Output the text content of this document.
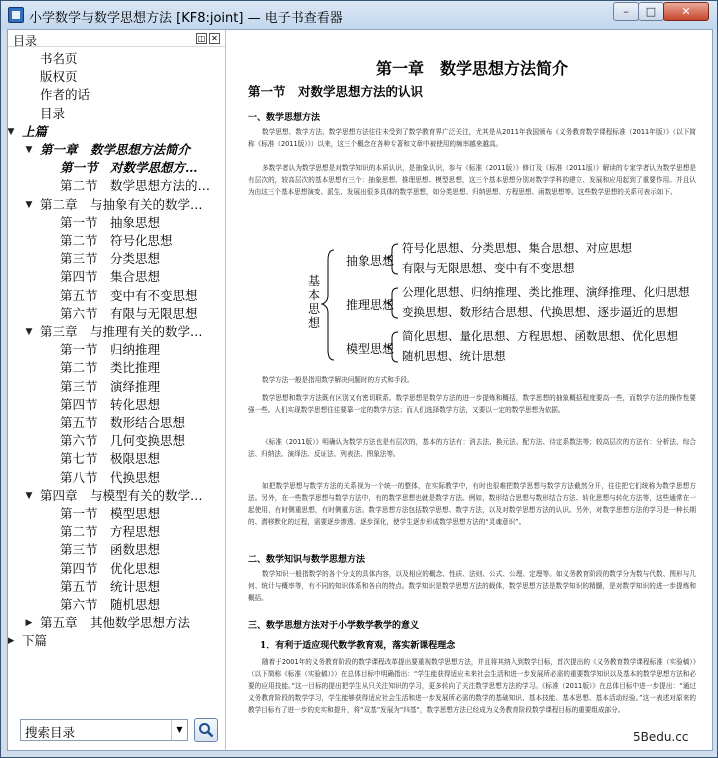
小学数学与数学思想方法 [KF8:joint] — 电子书查看器	–	□	✕
目录	◫ ✕
书名页
版权页
作者的话
目录
▼ 上篇
▼ 第一章　数学思想方法简介
第一节　对数学思想方…
第二节　数学思想方法的…
▼ 第二章　与抽象有关的数学…
第一节　抽象思想
第二节　符号化思想
第三节　分类思想
第四节　集合思想
第五节　变中有不变思想
第六节　有限与无限思想
▼ 第三章　与推理有关的数学…
第一节　归纳推理
第二节　类比推理
第三节　演绎推理
第四节　转化思想
第五节　数形结合思想
第六节　几何变换思想
第七节　极限思想
第八节　代换思想
▼ 第四章　与模型有关的数学…
第一节　模型思想
第二节　方程思想
第三节　函数思想
第四节　优化思想
第五节　统计思想
第六节　随机思想
▶ 第五章　其他数学思想方法
▶ 下篇
搜索目录	▼
第一章　数学思想方法简介
第一节　对数学思想方法的认识
一、数学思想方法
数学思想、数学方法、数学思想方法往往未受到了数学教育界广泛关注，尤其是从2011年我国颁布《义务教育数学课程标准（2011年版）》（以下简称《标准（2011版）》）以来，这三个概念在各种专著和文章中被使用的频率越来越高。
多数学者认为数学思想是对数学知识的本质认识，是抽象认识，参与《标准（2011版）》修订及《标准（2011版）》解读的专家学者认为数学思想是有层次的，较高层次的基本思想有三个：抽象思想、推理思想、模型思想，这三个基本思想分别对数学学科的建立、发展和应用起到了重要作用。并且认为由这三个基本思想演变、派生、发展出很多具体的数学思想，如分类思想、归纳思想、方程思想、函数思想等。这些数学思想的关系可表示如下。
基本思想
抽象思想
推理思想
模型思想
符号化思想、分类思想、集合思想、对应思想
有限与无限思想、变中有不变思想
公理化思想、归纳推理、类比推理、演绎推理、化归思想
变换思想、数形结合思想、代换思想、逐步逼近的思想
简化思想、量化思想、方程思想、函数思想、优化思想
随机思想、统计思想
数学方法一般是指用数学解决问题时的方式和手段。
数学思想和数学方法既有区别又有密切联系。数学思想是数学方法的进一步提炼和概括，数学思想的抽象概括程度要高一些，而数学方法的操作性要强一些。人们实现数学思想往往要靠一定的数学方法；而人们选择数学方法，又要以一定的数学思想为依据。
《标准（2011版）》明确认为数学方法也是有层次的，基本的方法有：消去法、换元法、配方法、待定系数法等；较高层次的方法有：分析法、综合法、归纳法、演绎法、反证法、列表法、图象法等。
如把数学思想与数学方法的关系视为一个统一的整体，在实际教学中，有时也很难把数学思想与数学方法截然分开，往往把它们统称为数学思想方法。另外，在一些数学思想与数学方法中，有的数学思想也就是数学方法。例如，数形结合思想与数形结合方法、转化思想与转化方法等，这些通常在一起使用，有时侧重思想，有时侧重方法。数学思想方法包括数学思想、数学方法，以及对数学思想方法的认识。另外，对数学思想方法的学习是一种长期的、潜移默化的过程，需要逐步渗透、逐步深化，使学生逐步形成数学思想方法的“灵魂意识”。
二、数学知识与数学思想方法
数学知识一般指数学的各个分支的具体内容，以及相应的概念、性质、法则、公式、公理、定理等。如义务教育阶段的数学分为数与代数、图形与几何、统计与概率等，有不同的知识体系和各自的特点。数学知识是数学思想方法的载体，数学思想方法是数学知识的精髓，是对数学知识的进一步提炼和概括。
三、数学思想方法对于小学数学教学的意义
1．有利于适应现代数学教育观，落实新课程理念
随着于2001年的义务教育阶段的数学课程改革提出要重视数学思想方法，并且将其纳入到数学目标，首次提出的《义务教育数学课程标准（实验稿）》（以下简称《标准（实验稿）》）在总体目标中明确指出：“学生能获得适应未来社会生活和进一步发展所必需的重要数学知识以及基本的数学思想方法和必要的应用技能。”这一目标的提出把学生从只关注知识的学习，更多转向了关注数学思想方法的学习。《标准（2011版）》在总体目标中进一步提出：“通过义务教育阶段的数学学习，学生能够获得适应社会生活和进一步发展所必需的数学的基础知识、基本技能、基本思想、基本活动经验。”这一表述对原来的教学目标有了进一步的充实和提升，将“双基”发展为“四基”，数学思想方法已经成为义务教育阶段数学课程目标的重要组成部分。
5Bedu.cc
